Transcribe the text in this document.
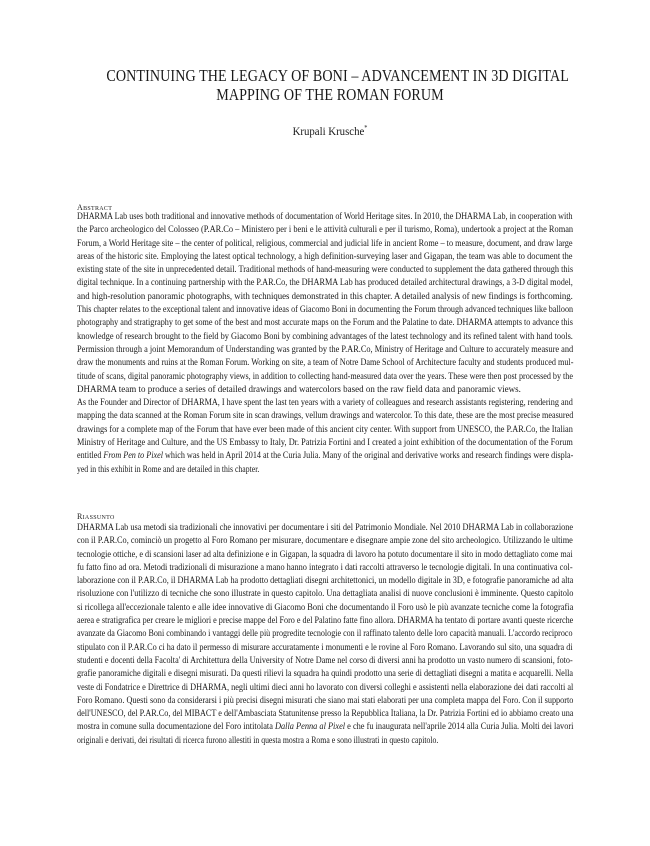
CONTINUING THE LEGACY OF BONI – ADVANCEMENT IN 3D DIGITAL
MAPPING OF THE ROMAN FORUM
Krupali Krusche*
Abstract
DHARMA Lab uses both traditional and innovative methods of documentation of World Heritage sites. In 2010, the DHARMA Lab, in cooperation with
the Parco archeologico del Colosseo (P.AR.Co – Ministero per i beni e le attività culturali e per il turismo, Roma), undertook a project at the Roman
Forum, a World Heritage site – the center of political, religious, commercial and judicial life in ancient Rome – to measure, document, and draw large
areas of the historic site. Employing the latest optical technology, a high definition-surveying laser and Gigapan, the team was able to document the
existing state of the site in unprecedented detail. Traditional methods of hand-measuring were conducted to supplement the data gathered through this
digital technique. In a continuing partnership with the P.AR.Co, the DHARMA Lab has produced detailed architectural drawings, a 3-D digital model,
and high-resolution panoramic photographs, with techniques demonstrated in this chapter. A detailed analysis of new findings is forthcoming.
This chapter relates to the exceptional talent and innovative ideas of Giacomo Boni in documenting the Forum through advanced techniques like balloon
photography and stratigraphy to get some of the best and most accurate maps on the Forum and the Palatine to date. DHARMA attempts to advance this
knowledge of research brought to the field by Giacomo Boni by combining advantages of the latest technology and its refined talent with hand tools.
Permission through a joint Memorandum of Understanding was granted by the P.AR.Co, Ministry of Heritage and Culture to accurately measure and
draw the monuments and ruins at the Roman Forum. Working on site, a team of Notre Dame School of Architecture faculty and students produced mul-
titude of scans, digital panoramic photography views, in addition to collecting hand-measured data over the years. These were then post processed by the
DHARMA team to produce a series of detailed drawings and watercolors based on the raw field data and panoramic views.
As the Founder and Director of DHARMA, I have spent the last ten years with a variety of colleagues and research assistants registering, rendering and
mapping the data scanned at the Roman Forum site in scan drawings, vellum drawings and watercolor. To this date, these are the most precise measured
drawings for a complete map of the Forum that have ever been made of this ancient city center. With support from UNESCO, the P.AR.Co, the Italian
Ministry of Heritage and Culture, and the US Embassy to Italy, Dr. Patrizia Fortini and I created a joint exhibition of the documentation of the Forum
entitled From Pen to Pixel which was held in April 2014 at the Curia Julia. Many of the original and derivative works and research findings were displa-
yed in this exhibit in Rome and are detailed in this chapter.
Riassunto
DHARMA Lab usa metodi sia tradizionali che innovativi per documentare i siti del Patrimonio Mondiale. Nel 2010 DHARMA Lab in collaborazione
con il P.AR.Co, cominciò un progetto al Foro Romano per misurare, documentare e disegnare ampie zone del sito archeologico. Utilizzando le ultime
tecnologie ottiche, e di scansioni laser ad alta definizione e in Gigapan, la squadra di lavoro ha potuto documentare il sito in modo dettagliato come mai
fu fatto fino ad ora. Metodi tradizionali di misurazione a mano hanno integrato i dati raccolti attraverso le tecnologie digitali. In una continuativa col-
laborazione con il P.AR.Co, il DHARMA Lab ha prodotto dettagliati disegni architettonici, un modello digitale in 3D, e fotografie panoramiche ad alta
risoluzione con l'utilizzo di tecniche che sono illustrate in questo capitolo. Una dettagliata analisi di nuove conclusioni è imminente. Questo capitolo
si ricollega all'eccezionale talento e alle idee innovative di Giacomo Boni che documentando il Foro usò le più avanzate tecniche come la fotografia
aerea e stratigrafica per creare le migliori e precise mappe del Foro e del Palatino fatte fino allora. DHARMA ha tentato di portare avanti queste ricerche
avanzate da Giacomo Boni combinando i vantaggi delle più progredite tecnologie con il raffinato talento delle loro capacità manuali. L'accordo reciproco
stipulato con il P.AR.Co ci ha dato il permesso di misurare accuratamente i monumenti e le rovine al Foro Romano. Lavorando sul sito, una squadra di
studenti e docenti della Facolta' di Architettura della University of Notre Dame nel corso di diversi anni ha prodotto un vasto numero di scansioni, foto-
grafie panoramiche digitali e disegni misurati. Da questi rilievi la squadra ha quindi prodotto una serie di dettagliati disegni a matita e acquarelli. Nella
veste di Fondatrice e Direttrice di DHARMA, negli ultimi dieci anni ho lavorato con diversi colleghi e assistenti nella elaborazione dei dati raccolti al
Foro Romano. Questi sono da considerarsi i più precisi disegni misurati che siano mai stati elaborati per una completa mappa del Foro. Con il supporto
dell'UNESCO, del P.AR.Co, del MIBACT e dell'Ambasciata Statunitense presso la Repubblica Italiana, la Dr. Patrizia Fortini ed io abbiamo creato una
mostra in comune sulla documentazione del Foro intitolata Dalla Penna al Pixel e che fu inaugurata nell'aprile 2014 alla Curia Julia. Molti dei lavori
originali e derivati, dei risultati di ricerca furono allestiti in questa mostra a Roma e sono illustrati in questo capitolo.
